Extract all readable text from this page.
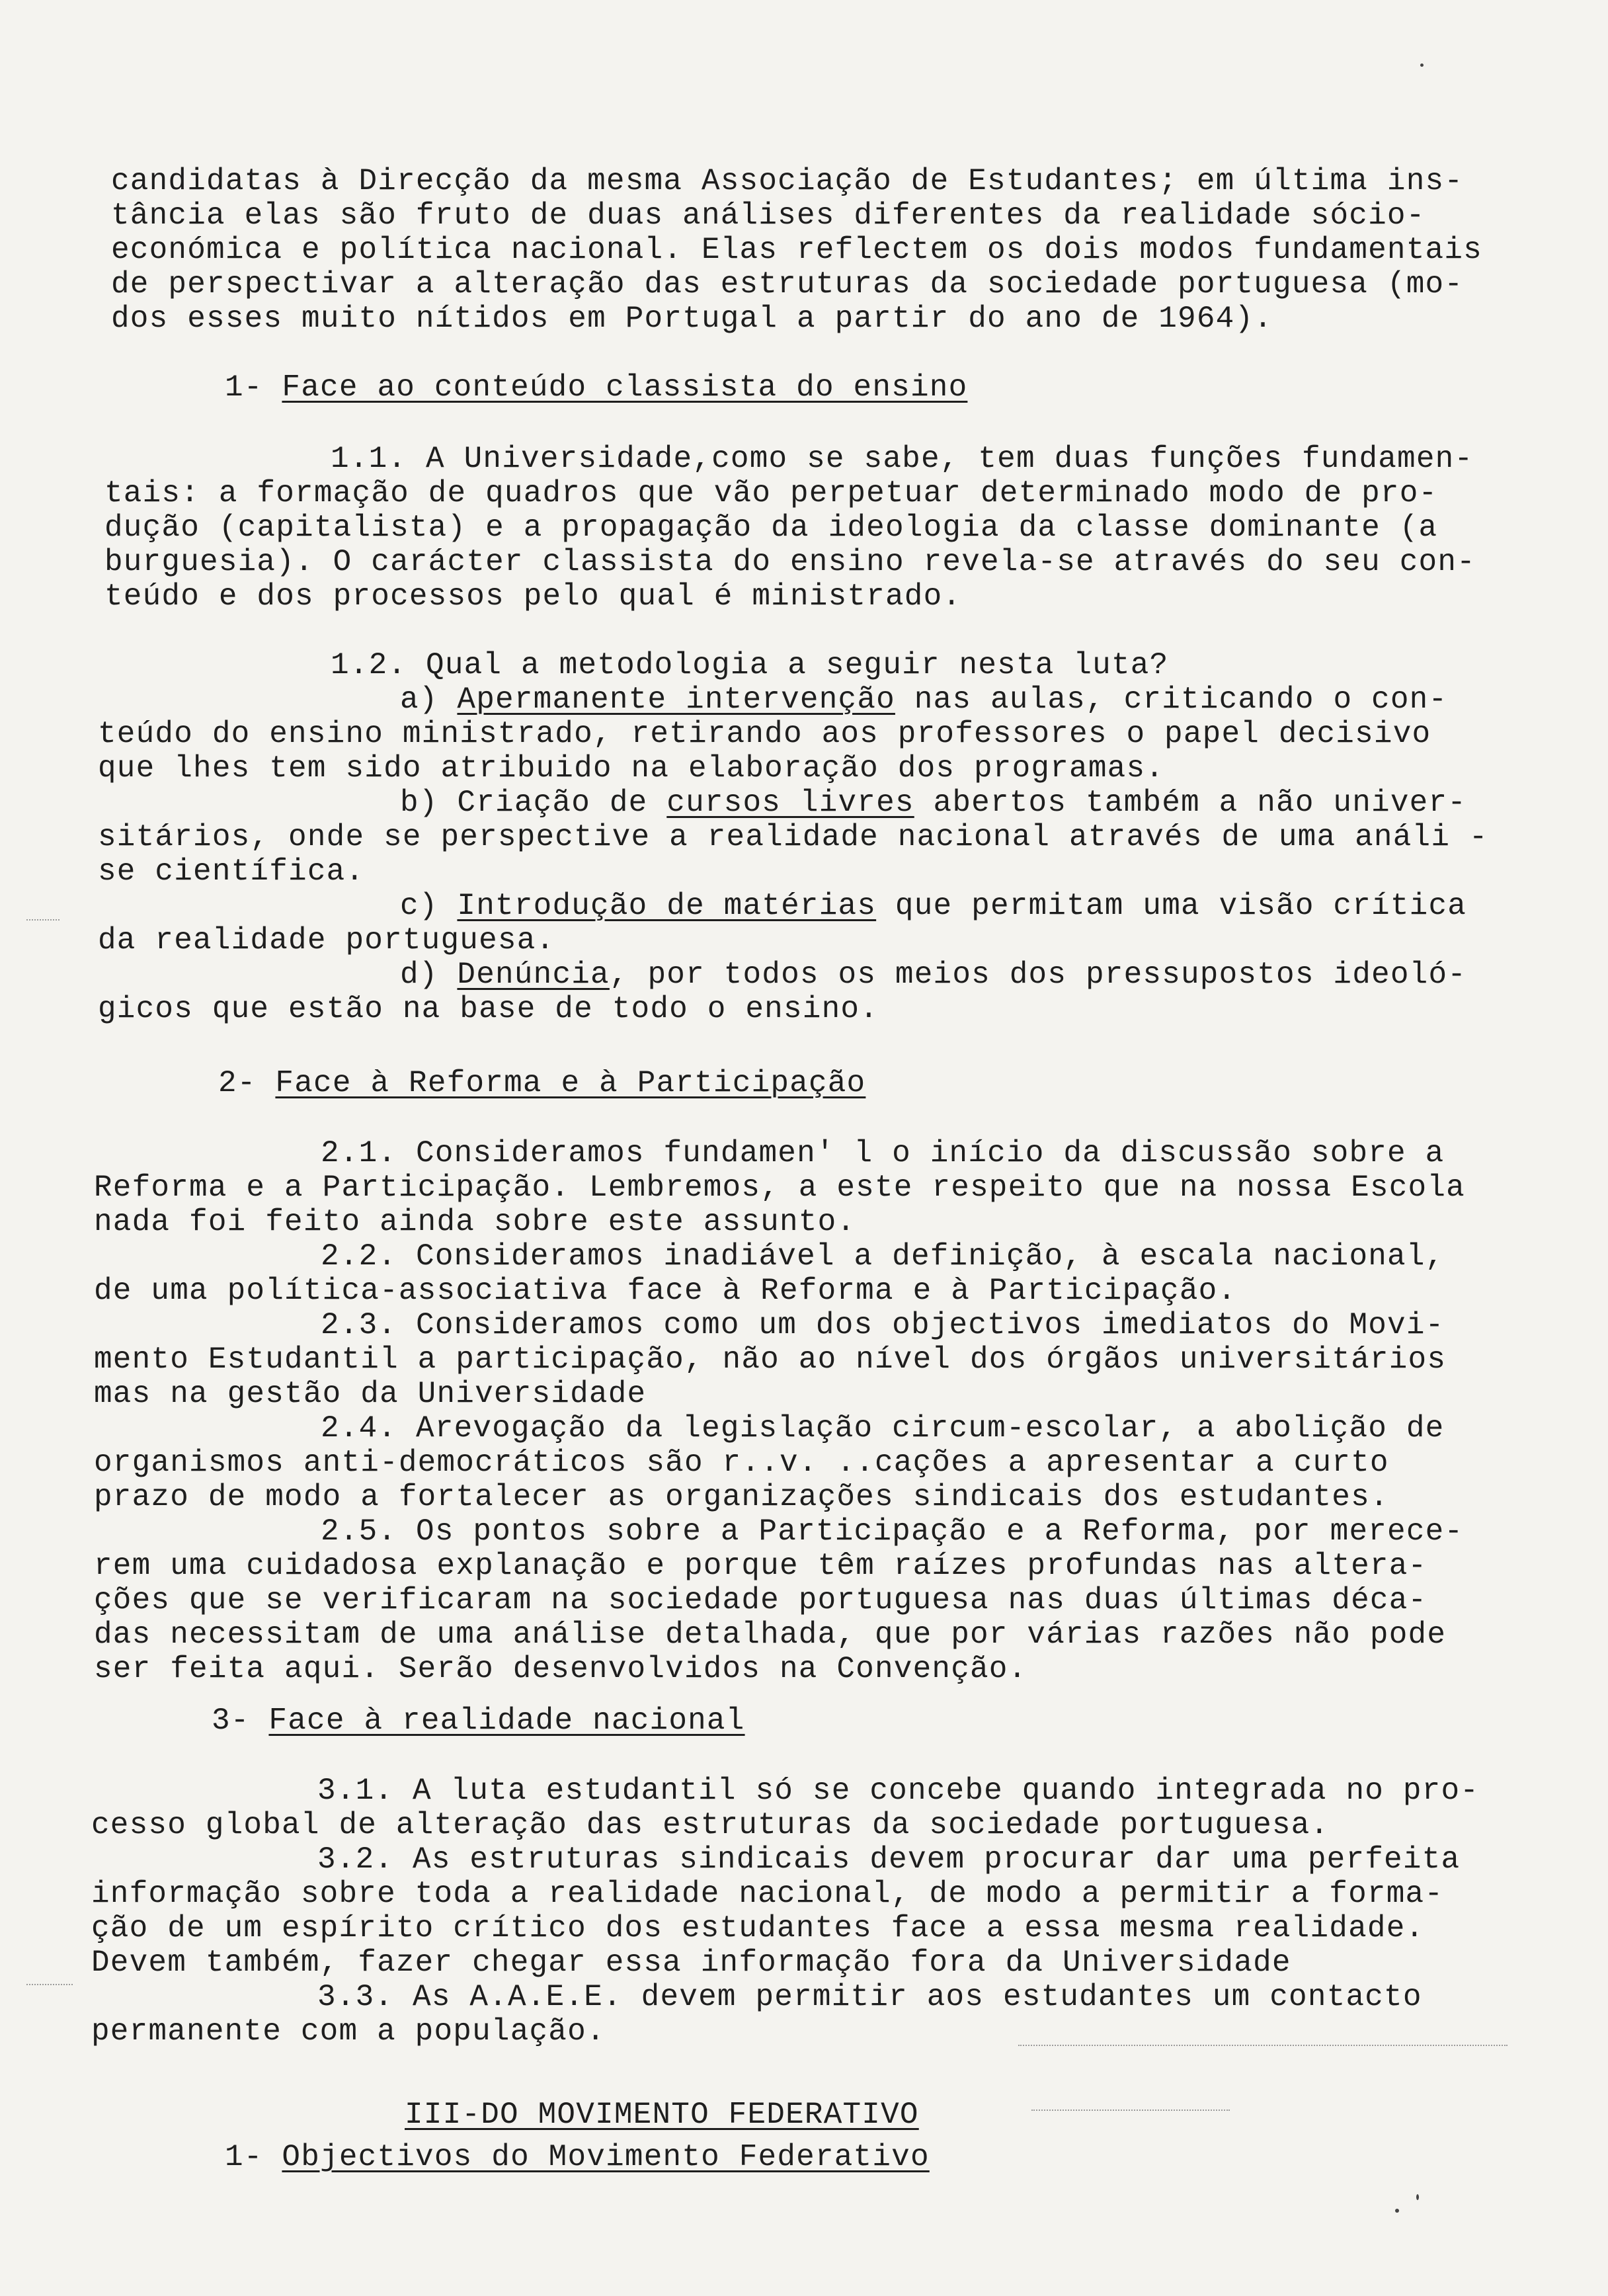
candidatas à Direcção da mesma Associação de Estudantes; em última ins-
tância elas são fruto de duas análises diferentes da realidade sócio-
económica e política nacional. Elas reflectem os dois modos fundamentais
de perspectivar a alteração das estruturas da sociedade portuguesa (mo-
dos esses muito nítidos em Portugal a partir do ano de 1964).
1- Face ao conteúdo classista do ensino
1.1. A Universidade,como se sabe, tem duas funções fundamen-
tais: a formação de quadros que vão perpetuar determinado modo de pro-
dução (capitalista) e a propagação da ideologia da classe dominante (a
burguesia). O carácter classista do ensino revela-se através do seu con-
teúdo e dos processos pelo qual é ministrado.
1.2. Qual a metodologia a seguir nesta luta?
a) Apermanente intervenção nas aulas, criticando o con-
teúdo do ensino ministrado, retirando aos professores o papel decisivo
que lhes tem sido atribuido na elaboração dos programas.
b) Criação de cursos livres abertos também a não univer-
sitários, onde se perspective a realidade nacional através de uma análi -
se científica.
c) Introdução de matérias que permitam uma visão crítica
da realidade portuguesa.
d) Denúncia, por todos os meios dos pressupostos ideoló-
gicos que estão na base de todo o ensino.
2- Face à Reforma e à Participação
2.1. Consideramos fundamen' l o início da discussão sobre a
Reforma e a Participação. Lembremos, a este respeito que na nossa Escola
nada foi feito ainda sobre este assunto.
2.2. Consideramos inadiável a definição, à escala nacional,
de uma política-associativa face à Reforma e à Participação.
2.3. Consideramos como um dos objectivos imediatos do Movi-
mento Estudantil a participação, não ao nível dos órgãos universitários
mas na gestão da Universidade
2.4. Arevogação da legislação circum-escolar, a abolição de
organismos anti-democráticos são r..v. ..cações a apresentar a curto
prazo de modo a fortalecer as organizações sindicais dos estudantes.
2.5. Os pontos sobre a Participação e a Reforma, por merece-
rem uma cuidadosa explanação e porque têm raízes profundas nas altera-
ções que se verificaram na sociedade portuguesa nas duas últimas déca-
das necessitam de uma análise detalhada, que por várias razões não pode
ser feita aqui. Serão desenvolvidos na Convenção.
3- Face à realidade nacional
3.1. A luta estudantil só se concebe quando integrada no pro-
cesso global de alteração das estruturas da sociedade portuguesa.
3.2. As estruturas sindicais devem procurar dar uma perfeita
informação sobre toda a realidade nacional, de modo a permitir a forma-
ção de um espírito crítico dos estudantes face a essa mesma realidade.
Devem também, fazer chegar essa informação fora da Universidade
3.3. As A.A.E.E. devem permitir aos estudantes um contacto
permanente com a população.
III-DO MOVIMENTO FEDERATIVO
1- Objectivos do Movimento Federativo
